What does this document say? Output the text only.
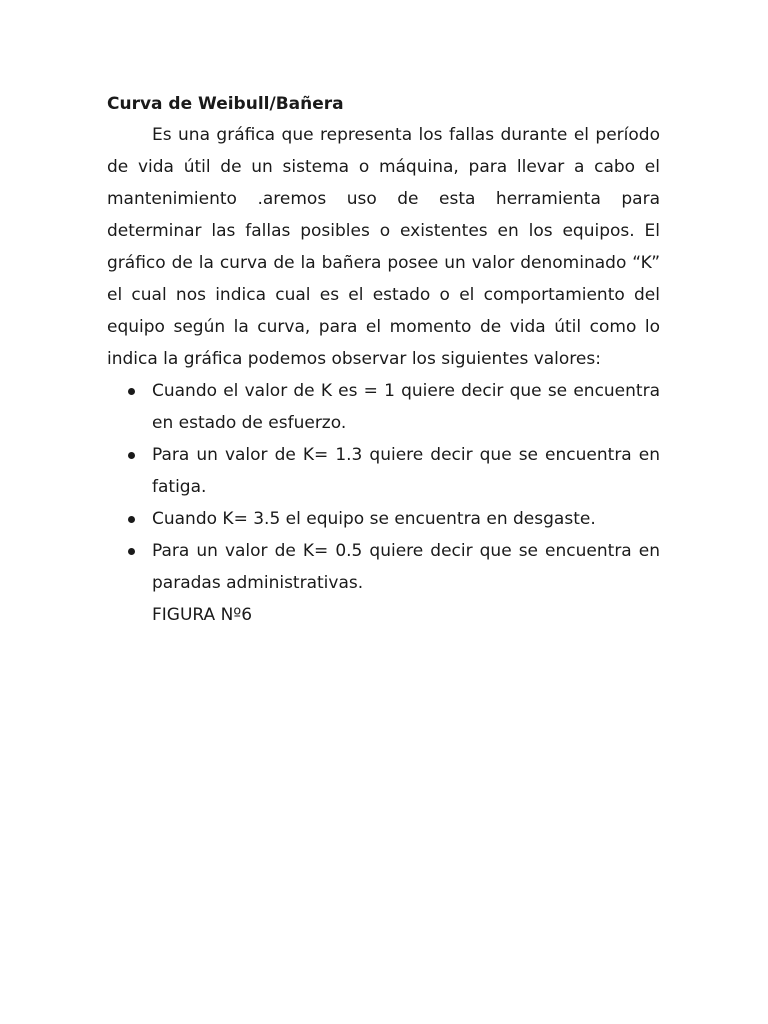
Curva de Weibull/Bañera

Es una gráfica que representa los fallas durante el período de vida útil de un sistema o máquina, para llevar a cabo el mantenimiento .aremos uso de esta herramienta para determinar las fallas posibles o existentes en los equipos. El gráfico de la curva de la bañera posee un valor denominado “K” el cual nos indica cual es el estado o el comportamiento del equipo según la curva, para el momento de vida útil como lo indica la gráfica podemos observar los siguientes valores:

Cuando el valor de K es = 1 quiere decir que se encuentra en estado de esfuerzo.
Para un valor de K= 1.3 quiere decir que se encuentra en fatiga.
Cuando K= 3.5 el equipo se encuentra en desgaste.
Para un valor de K= 0.5 quiere decir que se encuentra en paradas administrativas.

FIGURA Nº6
